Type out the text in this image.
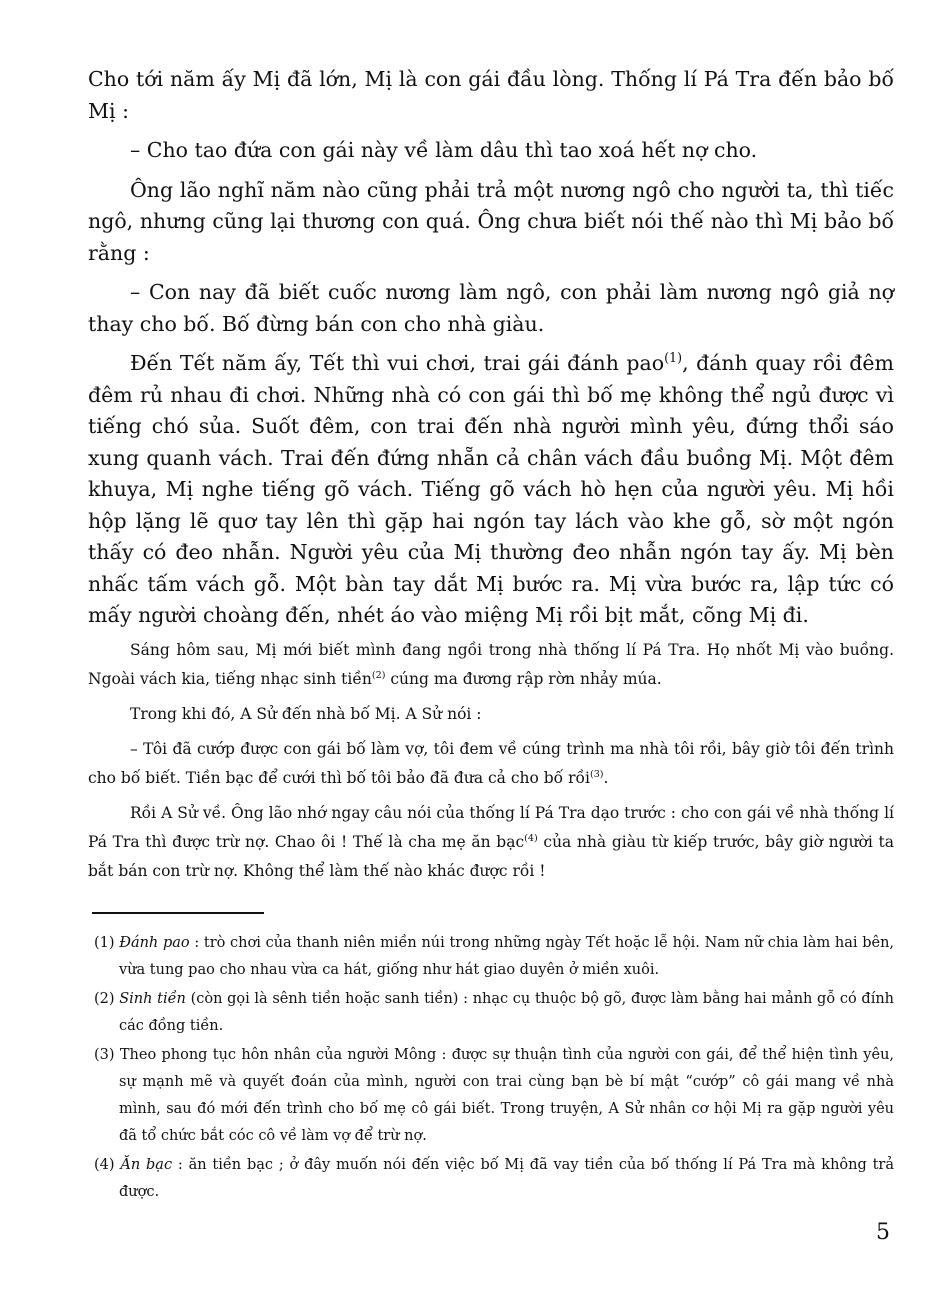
Cho tới năm ấy Mị đã lớn, Mị là con gái đầu lòng. Thống lí Pá Tra đến bảo bố Mị :

– Cho tao đứa con gái này về làm dâu thì tao xoá hết nợ cho.

Ông lão nghĩ năm nào cũng phải trả một nương ngô cho người ta, thì tiếc ngô, nhưng cũng lại thương con quá. Ông chưa biết nói thế nào thì Mị bảo bố rằng :

– Con nay đã biết cuốc nương làm ngô, con phải làm nương ngô giả nợ thay cho bố. Bố đừng bán con cho nhà giàu.

Đến Tết năm ấy, Tết thì vui chơi, trai gái đánh pao$^{(1)}$, đánh quay rồi đêm đêm rủ nhau đi chơi. Những nhà có con gái thì bố mẹ không thể ngủ được vì tiếng chó sủa. Suốt đêm, con trai đến nhà người mình yêu, đứng thổi sáo xung quanh vách. Trai đến đứng nhẵn cả chân vách đầu buồng Mị. Một đêm khuya, Mị nghe tiếng gõ vách. Tiếng gõ vách hò hẹn của người yêu. Mị hồi hộp lặng lẽ quơ tay lên thì gặp hai ngón tay lách vào khe gỗ, sờ một ngón thấy có đeo nhẫn. Người yêu của Mị thường đeo nhẫn ngón tay ấy. Mị bèn nhấc tấm vách gỗ. Một bàn tay dắt Mị bước ra. Mị vừa bước ra, lập tức có mấy người choàng đến, nhét áo vào miệng Mị rồi bịt mắt, cõng Mị đi.

Sáng hôm sau, Mị mới biết mình đang ngồi trong nhà thống lí Pá Tra. Họ nhốt Mị vào buồng. Ngoài vách kia, tiếng nhạc sinh tiền$^{(2)}$ cúng ma đương rập rờn nhảy múa.

Trong khi đó, A Sử đến nhà bố Mị. A Sử nói :

– Tôi đã cướp được con gái bố làm vợ, tôi đem về cúng trình ma nhà tôi rồi, bây giờ tôi đến trình cho bố biết. Tiền bạc để cưới thì bố tôi bảo đã đưa cả cho bố rồi$^{(3)}$.

Rồi A Sử về. Ông lão nhớ ngay câu nói của thống lí Pá Tra dạo trước : cho con gái về nhà thống lí Pá Tra thì được trừ nợ. Chao ôi ! Thế là cha mẹ ăn bạc$^{(4)}$ của nhà giàu từ kiếp trước, bây giờ người ta bắt bán con trừ nợ. Không thể làm thế nào khác được rồi !

(1) Đánh pao : trò chơi của thanh niên miền núi trong những ngày Tết hoặc lễ hội. Nam nữ chia làm hai bên, vừa tung pao cho nhau vừa ca hát, giống như hát giao duyên ở miền xuôi.

(2) Sinh tiền (còn gọi là sênh tiền hoặc sanh tiền) : nhạc cụ thuộc bộ gõ, được làm bằng hai mảnh gỗ có đính các đồng tiền.

(3) Theo phong tục hôn nhân của người Mông : được sự thuận tình của người con gái, để thể hiện tình yêu, sự mạnh mẽ và quyết đoán của mình, người con trai cùng bạn bè bí mật “cướp” cô gái mang về nhà mình, sau đó mới đến trình cho bố mẹ cô gái biết. Trong truyện, A Sử nhân cơ hội Mị ra gặp người yêu đã tổ chức bắt cóc cô về làm vợ để trừ nợ.

(4) Ăn bạc : ăn tiền bạc ; ở đây muốn nói đến việc bố Mị đã vay tiền của bố thống lí Pá Tra mà không trả được.

5
